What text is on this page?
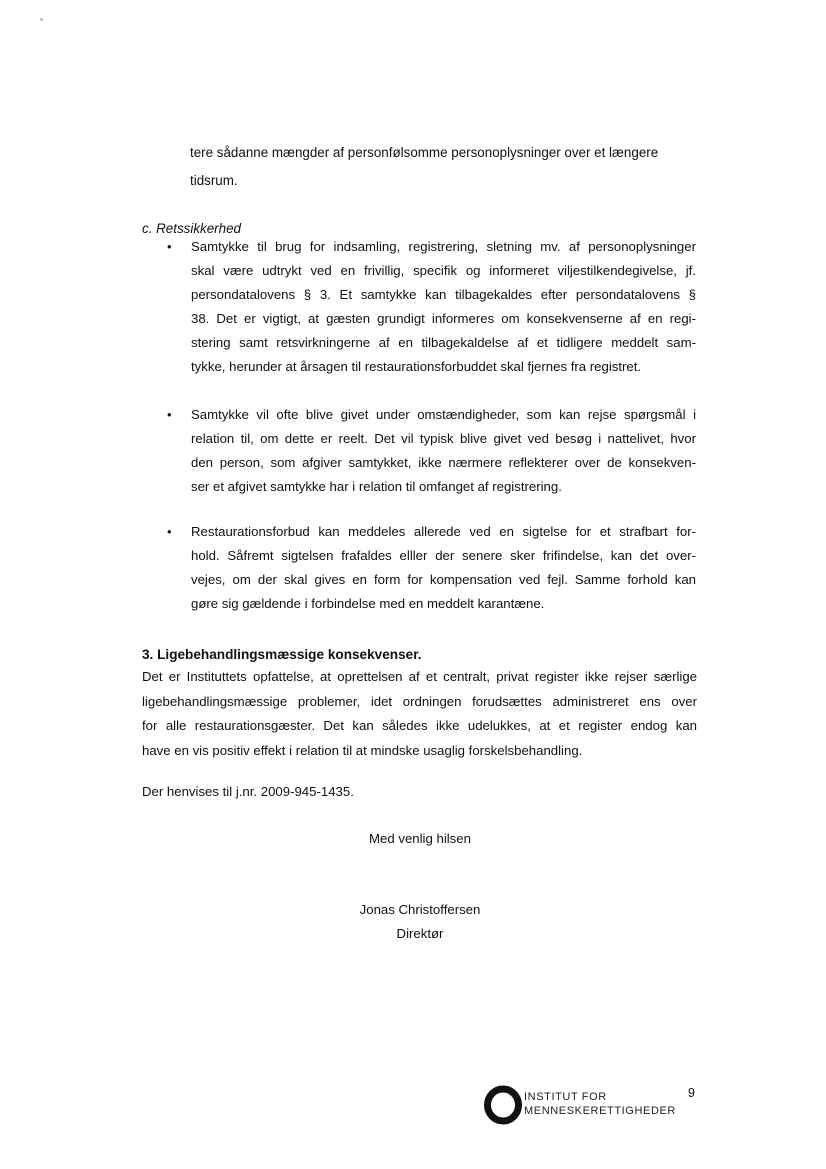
tere sådanne mængder af personfølsomme personoplysninger over et længere
tidsrum.
c. Retssikkerhed
• Samtykke til brug for indsamling, registrering, sletning mv. af personoplysninger
skal være udtrykt ved en frivillig, specifik og informeret viljestilkendegivelse, jf.
persondatalovens § 3. Et samtykke kan tilbagekaldes efter persondatalovens §
38. Det er vigtigt, at gæsten grundigt informeres om konsekvenserne af en regi-
stering samt retsvirkningerne af en tilbagekaldelse af et tidligere meddelt sam-
tykke, herunder at årsagen til restaurationsforbuddet skal fjernes fra registret.
• Samtykke vil ofte blive givet under omstændigheder, som kan rejse spørgsmål i
relation til, om dette er reelt. Det vil typisk blive givet ved besøg i nattelivet, hvor
den person, som afgiver samtykket, ikke nærmere reflekterer over de konsekven-
ser et afgivet samtykke har i relation til omfanget af registrering.
• Restaurationsforbud kan meddeles allerede ved en sigtelse for et strafbart for-
hold. Såfremt sigtelsen frafaldes elller der senere sker frifindelse, kan det over-
vejes, om der skal gives en form for kompensation ved fejl. Samme forhold kan
gøre sig gældende i forbindelse med en meddelt karantæne.
3. Ligebehandlingsmæssige konsekvenser.
Det er Instituttets opfattelse, at oprettelsen af et centralt, privat register ikke rejser særlige
ligebehandlingsmæssige problemer, idet ordningen forudsættes administreret ens over
for alle restaurationsgæster. Det kan således ikke udelukkes, at et register endog kan
have en vis positiv effekt i relation til at mindske usaglig forskelsbehandling.
Der henvises til j.nr. 2009-945-1435.
Med venlig hilsen
Jonas Christoffersen
Direktør
INSTITUT FOR
MENNESKERETTIGHEDER
9
